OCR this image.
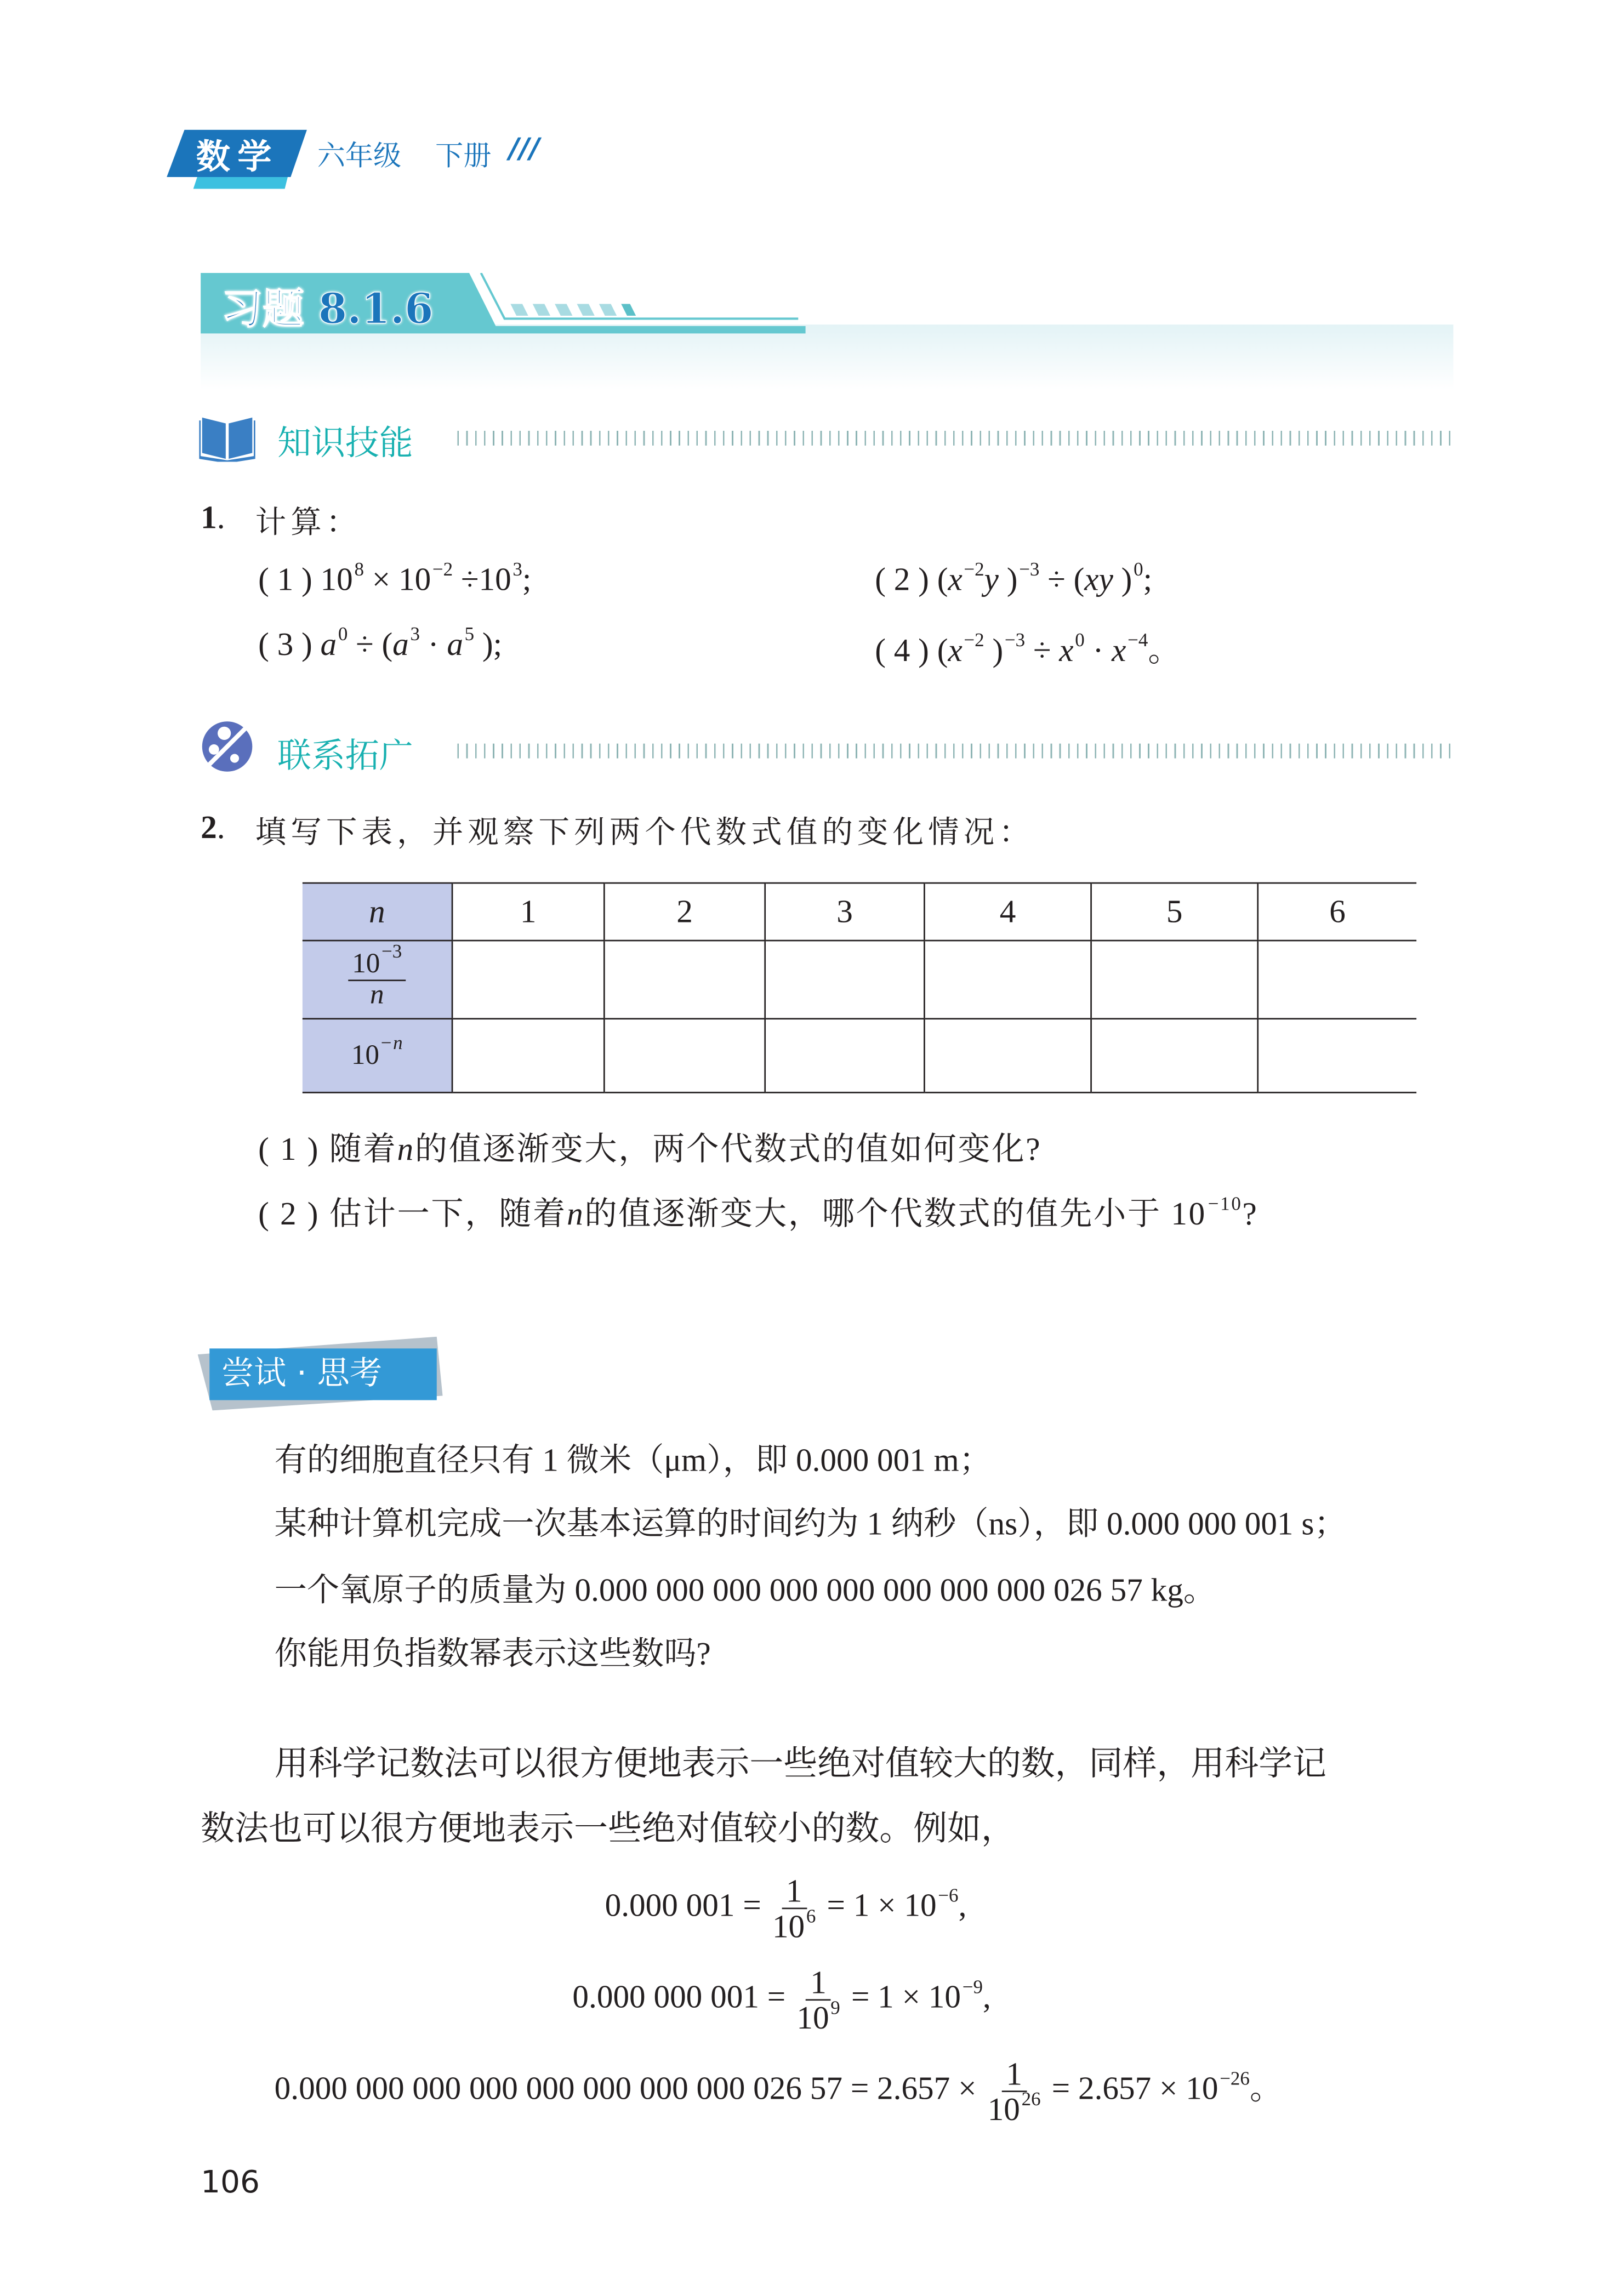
数学	六年级	下册 ///
习题 8.1.6
知识技能
1 .	计算：
( 1 ) 10 $^8$ × 10 $^{-2}$ ÷10 $^3$;	( 2 ) (x $^{-2}$y ) $^{-3}$ ÷ (xy ) $^0$;
( 3 ) a $^0$ ÷ (a $^3$ · a $^5$ );	( 4 ) (x $^{-2}$ ) $^{-3}$ ÷ x $^0$ · x $^{-4}$。
联系拓广
2 .	填写下表，并观察下列两个代数式值的变化情况：
n	1	2	3	4	5	6

$\frac{10 ^{-3}}{n}$

10 − $^n$						
( 1 ) 随着n的值逐渐变大，两个代数式的值如何变化?
( 2 ) 估计一下，随着n的值逐渐变大，哪个代数式的值先小于 10 $^{-10}$?
尝试 · 思考
有的细胞直径只有 1 微米（μm），即 0.000 001 m；
某种计算机完成一次基本运算的时间约为 1 纳秒（ns），即 0.000 000 001 s；
一个氧原子的质量为 0.000 000 000 000 000 000 000 000 026 57 kg。
你能用负指数幂表示这些数吗?
用科学记数法可以很方便地表示一些绝对值较大的数，同样，用科学记
数法也可以很方便地表示一些绝对值较小的数。例如，
0.000 $001 = \frac{1}{10 ^6} = 1 \times 10$ $^{-6}$,
0.000 000 $001 = \frac{1}{10 ^9} = 1 \times 10$ $^{-9}$,
0.000 000 000 000 000 000 000 000 026 $57 = 2.657 \times \frac{1}{10 ^{26}} = 2.657 \times 10$ $^{-26}$。
106
